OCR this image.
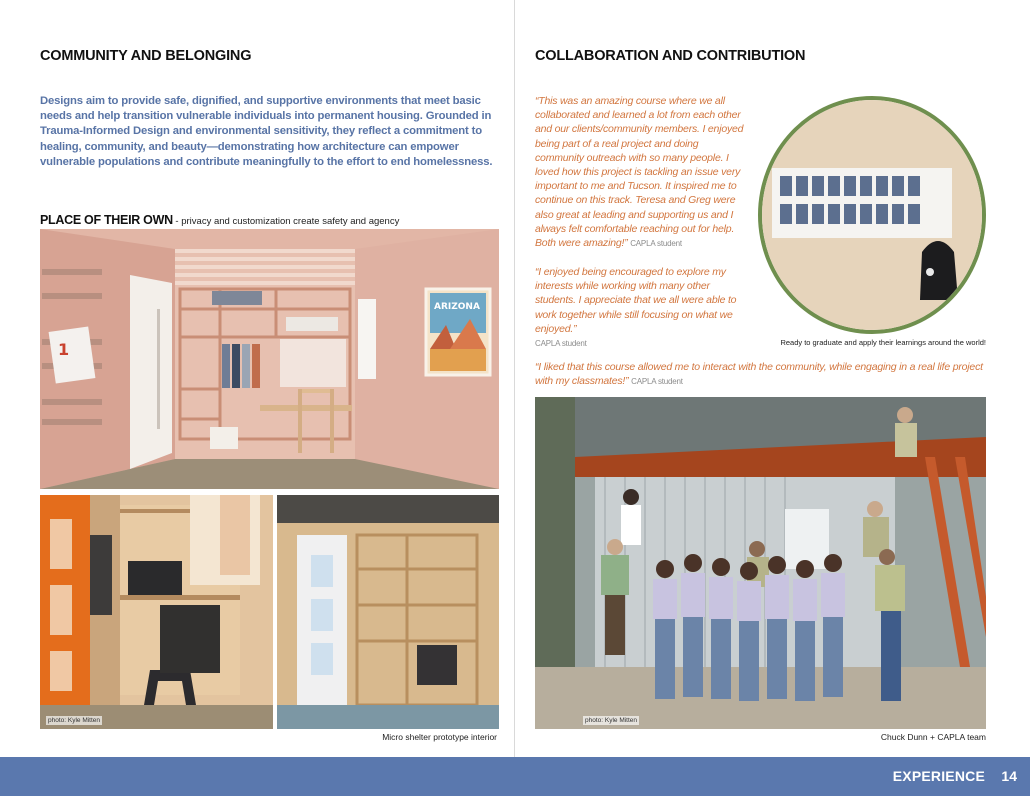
COMMUNITY AND BELONGING
Designs aim to provide safe, dignified, and supportive environments that meet basic needs and help transition vulnerable individuals into permanent housing. Grounded in Trauma-Informed Design and environmental sensitivity, they reflect a commitment to healing, community, and beauty—demonstrating how architecture can empower vulnerable populations and contribute meaningfully to the effort to end homelessness.
PLACE OF THEIR OWN - privacy and customization create safety and agency
1
ARIZONA
photo: Kyle Mitten
Micro shelter prototype interior
COLLABORATION AND CONTRIBUTION
“This was an amazing course where we all collaborated and learned a lot from each other and our clients/community members. I enjoyed being part of a real project and doing community outreach with so many people. I loved how this project is tackling an issue very important to me and Tucson. It inspired me to continue on this track. Teresa and Greg were also great at leading and supporting us and I always felt comfortable reaching out for help. Both were amazing!” CAPLA student
“I enjoyed being encouraged to explore my interests while working with many other students. I appreciate that we all were able to work together while still focusing on what we enjoyed.”
CAPLA student	Ready to graduate and apply their learnings around the world!
“I liked that this course allowed me to interact with the community, while engaging in a real life project with my classmates!” CAPLA student
photo: Kyle Mitten
Chuck Dunn + CAPLA team
EXPERIENCE 14
